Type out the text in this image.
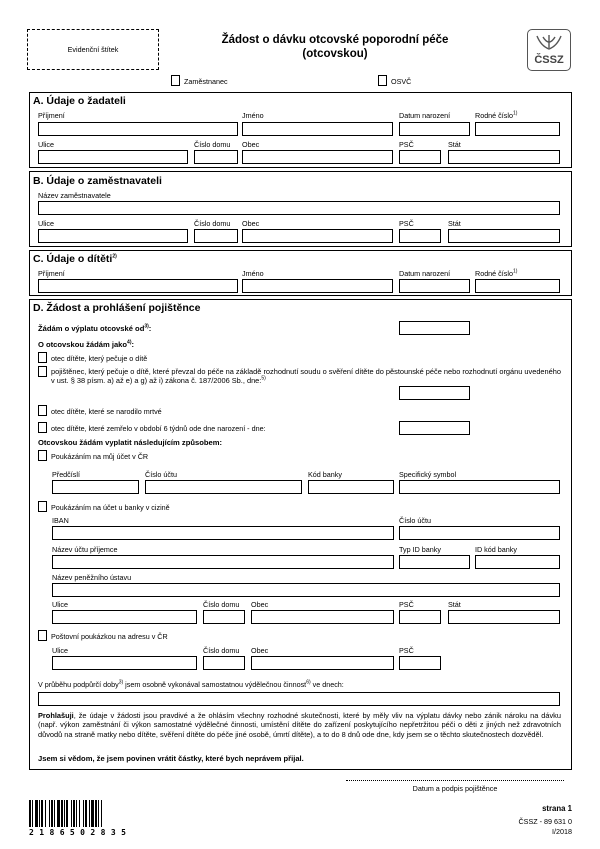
Evidenční štítek
Žádost o dávku otcovské poporodní péče
(otcovskou)	ČSSZ
Zaměstnanec	OSVČ
A. Údaje o žadateli
Příjmení	Jméno	Datum narození	Rodné číslo$^{1)}$
Ulice	Číslo domu Obec	PSČ	Stát
B. Údaje o zaměstnavateli
Název zaměstnavatele
Ulice	Číslo domu Obec	PSČ	Stát
C. Údaje o dítěti$^{2)}$
Příjmení	Jméno	Datum narození	Rodné číslo$^{1)}$
D. Žádost a prohlášení pojištěnce
Žádám o výplatu otcovské $od^{3)}$:
O otcovskou žádám jako$^{4)}$:
otec dítěte, který pečuje o dítě
pojištěnec, který pečuje o dítě, které převzal do péče na základě rozhodnutí soudu o svěření dítěte do pěstounské péče nebo rozhodnutí orgánu uvedeného v ust. § 38 písm. a) až e) a g) až i) zákona č. 187/2006 Sb., dne:$^{5)}$
otec dítěte, které se narodilo mrtvé
otec dítěte, které zemřelo v období 6 týdnů ode dne narození - dne:
Otcovskou žádám vyplatit následujícím způsobem:
Poukázáním na můj účet v ČR
Předčíslí	Číslo účtu	Kód banky	Specifický symbol
Poukázáním na účet u banky v cizině
IBAN	Číslo účtu
Název účtu příjemce	Typ ID banky	ID kód banky
Název peněžního ústavu
Ulice	Číslo domu Obec	PSČ	Stát
Poštovní poukázkou na adresu v ČR
Ulice	Číslo domu Obec	PSČ
V průběhu podpůrčí doby$^{3)}$ jsem osobně vykonával samostatnou výdělečnou činnost$^{6)}$ ve dnech:
Prohlašuji, že údaje v žádosti jsou pravdivé a že ohlásím všechny rozhodné skutečnosti, které by měly vliv na výplatu dávky nebo zánik nároku na dávku (např. výkon zaměstnání či výkon samostatné výdělečné činnosti, umístění dítěte do zařízení poskytujícího nepřetržitou péči o děti z jiných než zdravotních důvodů na straně matky nebo dítěte, svěření dítěte do péče jiné osobě, úmrtí dítěte), a to do 8 dnů ode dne, kdy jsem se o těchto skutečnostech dozvěděl.
Jsem si vědom, že jsem povinen vrátit částky, které bych neprávem přijal.
Datum a podpis pojištěnce
2 1 8 6 5 0 2 8 3 5
strana 1
ČSSZ - 89 631 0
I/2018
